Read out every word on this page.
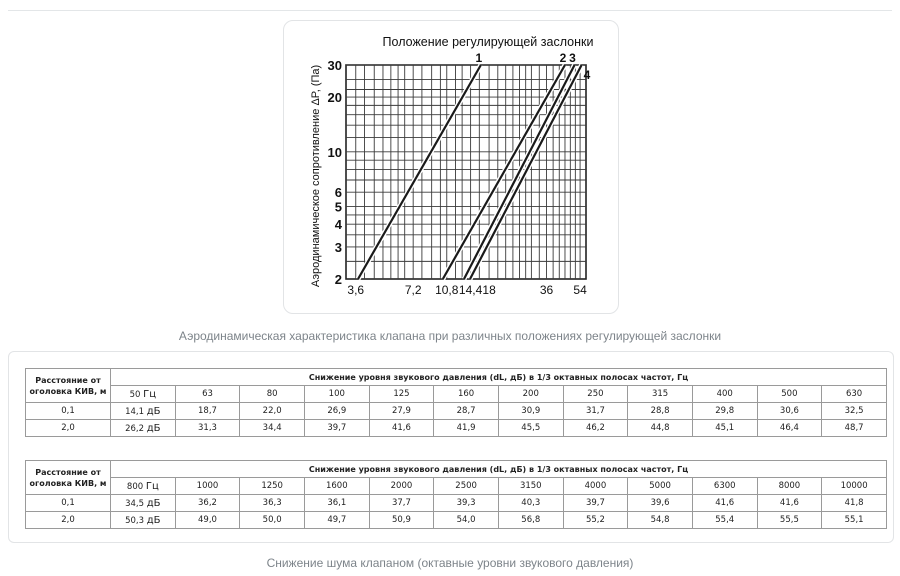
1	2 3
4
3,6	7,2 10,8 14,4 18	36 54
2
3
4
5
6
10
20
30
Положение регулирующей заслонки
Аэродинамическое сопротивление ΔP, (Па)
Аэродинамическая характеристика клапана при различных положениях регулирующей заслонки
Расстояние от оголовка КИВ, м	Снижение уровня звукового давления (dL, дБ) в 1/3 октавных полосах частот, Гц											
	50 Гц	63	80	100	125	160	200	250	315	400	500	630
0,1	14,1 дБ	18,7	22,0	26,9	27,9	28,7	30,9	31,7	28,8	29,8	30,6	32,5
2,0	26,2 дБ	31,3	34,4	39,7	41,6	41,9	45,5	46,2	44,8	45,1	46,4	48,7
Расстояние от оголовка КИВ, м	Снижение уровня звукового давления (dL, дБ) в 1/3 октавных полосах частот, Гц											
	800 Гц	1000	1250	1600	2000	2500	3150	4000	5000	6300	8000	10000
0,1	34,5 дБ	36,2	36,3	36,1	37,7	39,3	40,3	39,7	39,6	41,6	41,6	41,8
2,0	50,3 дБ	49,0	50,0	49,7	50,9	54,0	56,8	55,2	54,8	55,4	55,5	55,1
Снижение шума клапаном (октавные уровни звукового давления)
